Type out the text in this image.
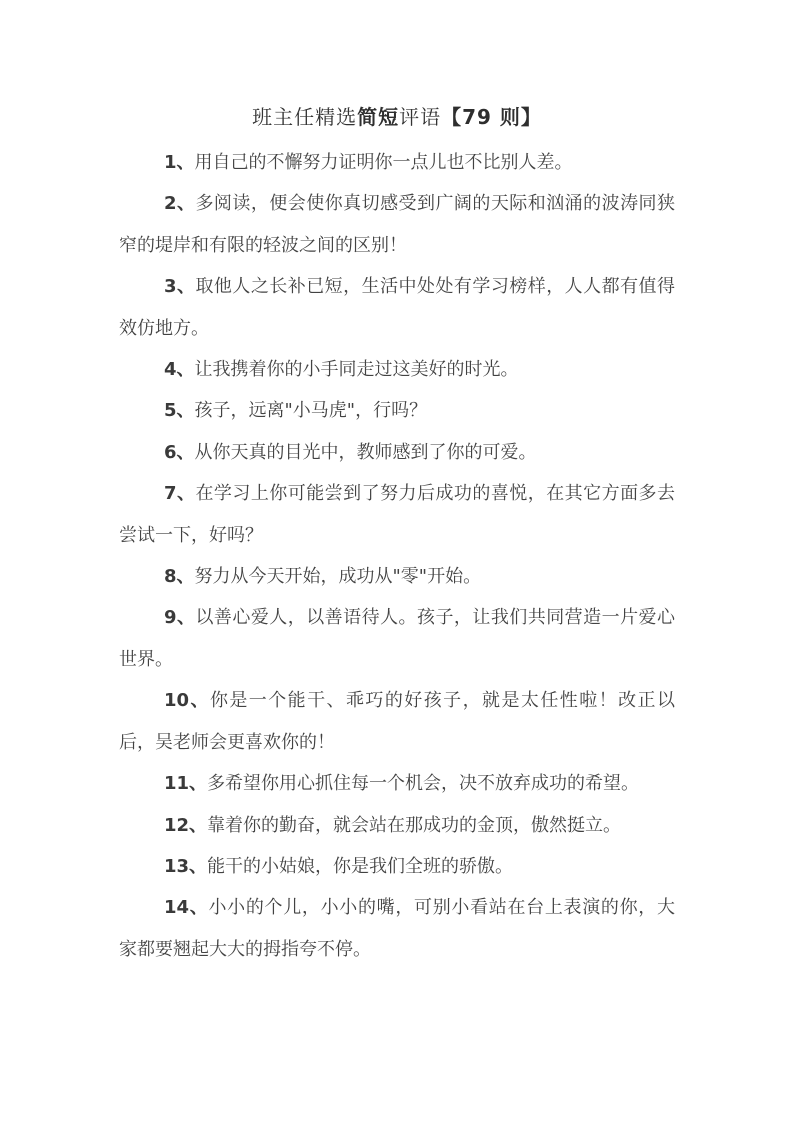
班主任精选简短评语【79 则】

1、用自己的不懈努力证明你一点儿也不比别人差。

2、多阅读，便会使你真切感受到广阔的天际和汹涌的波涛同狭窄的堤岸和有限的轻波之间的区别！

3、取他人之长补已短，生活中处处有学习榜样，人人都有值得效仿地方。

4、让我携着你的小手同走过这美好的时光。

5、孩子，远离"小马虎"，行吗？

6、从你天真的目光中，教师感到了你的可爱。

7、在学习上你可能尝到了努力后成功的喜悦，在其它方面多去尝试一下，好吗？

8、努力从今天开始，成功从"零"开始。

9、以善心爱人，以善语待人。孩子，让我们共同营造一片爱心世界。

10、你是一个能干、乖巧的好孩子，就是太任性啦！改正以后，吴老师会更喜欢你的！

11、多希望你用心抓住每一个机会，决不放弃成功的希望。

12、靠着你的勤奋，就会站在那成功的金顶，傲然挺立。

13、能干的小姑娘，你是我们全班的骄傲。

14、小小的个儿，小小的嘴，可别小看站在台上表演的你，大家都要翘起大大的拇指夸不停。
